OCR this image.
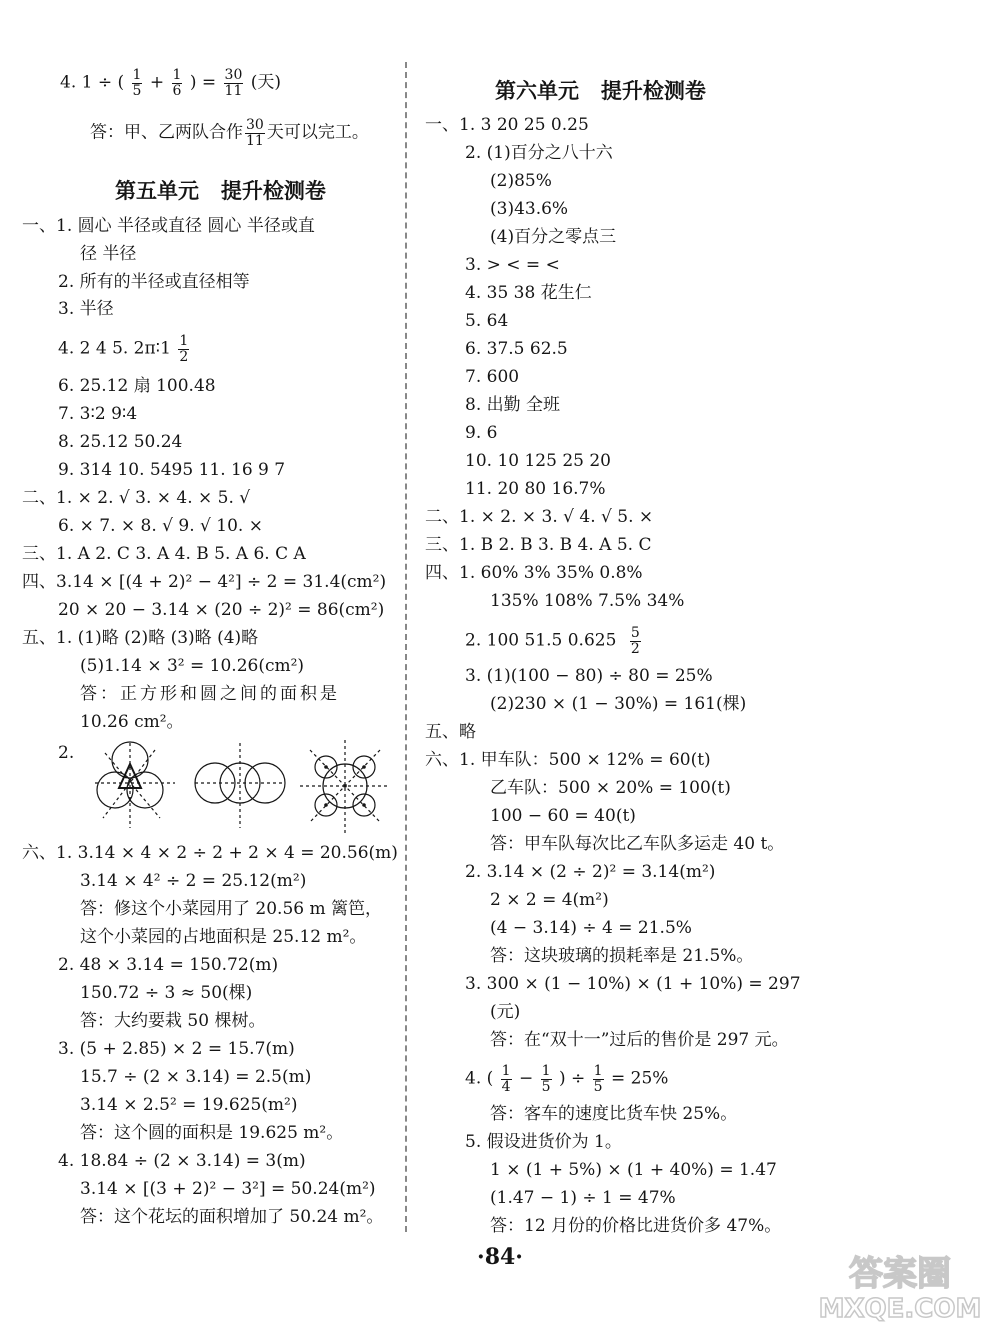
4. 1 ÷ ( $\frac{1}{5} + \frac{1}{6}$ ) = $\frac{30}{11}$ (天)
答：甲、乙两队合作 $\frac{30}{11}$ 天可以完工。
第五单元   提升检测卷
一、1. 圆心 半径或直径 圆心 半径或直
径 半径
2. 所有的半径或直径相等
3. 半径
4. 2 4 5. 2π∶1 $\frac{1}{2}$
6. 25.12 扇 100.48
7. 3∶2 9∶4
8. 25.12 50.24
9. 314 10. 5495 11. 16 9 7
二、1. × 2. √ 3. × 4. × 5. √
6. × 7. × 8. √ 9. √ 10. ×
三、1. A 2. C 3. A 4. B 5. A 6. C A
四、3.14 × [(4 + 2)² − 4²] ÷ 2 = 31.4(cm²)
20 × 20 − 3.14 × (20 ÷ 2)² = 86(cm²)
五、1. (1)略 (2)略 (3)略 (4)略
(5)1.14 × 3² = 10.26(cm²)
答：正方形和圆之间的面积是
10.26 cm²。
2.
六、1. 3.14 × 4 × 2 ÷ 2 + 2 × 4 = 20.56(m)
3.14 × 4² ÷ 2 = 25.12(m²)
答：修这个小菜园用了 20.56 m 篱笆，
这个小菜园的占地面积是 25.12 m²。
2. 48 × 3.14 = 150.72(m)
150.72 ÷ 3 ≈ 50(棵)
答：大约要栽 50 棵树。
3. (5 + 2.85) × 2 = 15.7(m)
15.7 ÷ (2 × 3.14) = 2.5(m)
3.14 × 2.5² = 19.625(m²)
答：这个圆的面积是 19.625 m²。
4. 18.84 ÷ (2 × 3.14) = 3(m)
3.14 × [(3 + 2)² − 3²] = 50.24(m²)
答：这个花坛的面积增加了 50.24 m²。
第六单元   提升检测卷
一、1. 3 20 25 0.25
2. (1)百分之八十六
(2)85%
(3)43.6%
(4)百分之零点三
3. > < = <
4. 35 38 花生仁
5. 64
6. 37.5 62.5
7. 600
8. 出勤 全班
9. 6
10. 10 125 25 20
11. 20 80 16.7%
二、1. × 2. × 3. √ 4. √ 5. ×
三、1. B 2. B 3. B 4. A 5. C
四、1. 60% 3% 35% 0.8%
135% 108% 7.5% 34%
2. 100 51.5 $0.625 \frac{5}{2}$
3. (1)(100 − 80) ÷ 80 = 25%
(2)230 × (1 − 30%) = 161(棵)
五、略
六、1. 甲车队：500 × 12% = 60(t)
乙车队：500 × 20% = 100(t)
100 − 60 = 40(t)
答：甲车队每次比乙车队多运走 40 t。
2. 3.14 × (2 ÷ 2)² = 3.14(m²)
2 × 2 = 4(m²)
(4 − 3.14) ÷ 4 = 21.5%
答：这块玻璃的损耗率是 21.5%。
3. 300 × (1 − 10%) × (1 + 10%) = 297
(元)
答：在“双十一”过后的售价是 297 元。
4. ( $\frac{1}{4} - \frac{1}{5}$ ) ÷ $\frac{1}{5} = 25\%$
答：客车的速度比货车快 25%。
5. 假设进货价为 1。
1 × (1 + 5%) × (1 + 40%) = 1.47
(1.47 − 1) ÷ 1 = 47%
答：12 月份的价格比进货价多 47%。
·84·	答案圈
MXQE.COM
